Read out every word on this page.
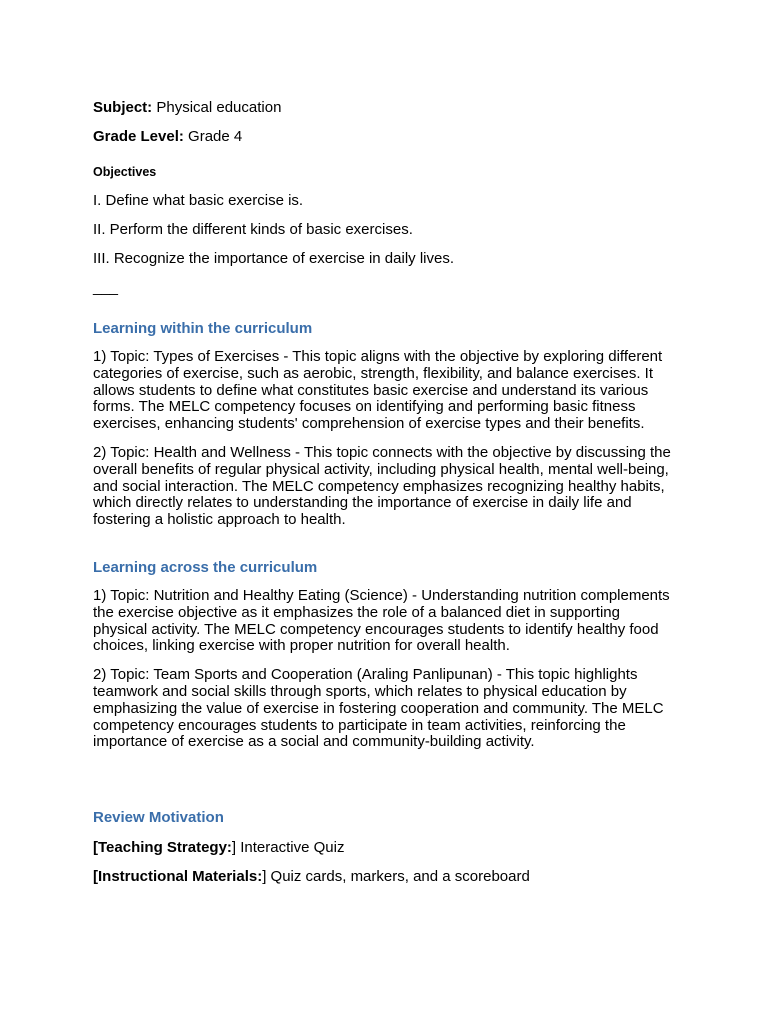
Subject: Physical education

Grade Level: Grade 4

Objectives

I. Define what basic exercise is.

II. Perform the different kinds of basic exercises.

III. Recognize the importance of exercise in daily lives.

___

Learning within the curriculum

1) Topic: Types of Exercises - This topic aligns with the objective by exploring different categories of exercise, such as aerobic, strength, flexibility, and balance exercises. It allows students to define what constitutes basic exercise and understand its various forms. The MELC competency focuses on identifying and performing basic fitness exercises, enhancing students' comprehension of exercise types and their benefits.

2) Topic: Health and Wellness - This topic connects with the objective by discussing the overall benefits of regular physical activity, including physical health, mental well-being, and social interaction. The MELC competency emphasizes recognizing healthy habits, which directly relates to understanding the importance of exercise in daily life and fostering a holistic approach to health.

Learning across the curriculum

1) Topic: Nutrition and Healthy Eating (Science) - Understanding nutrition complements the exercise objective as it emphasizes the role of a balanced diet in supporting physical activity. The MELC competency encourages students to identify healthy food choices, linking exercise with proper nutrition for overall health.

2) Topic: Team Sports and Cooperation (Araling Panlipunan) - This topic highlights teamwork and social skills through sports, which relates to physical education by emphasizing the value of exercise in fostering cooperation and community. The MELC competency encourages students to participate in team activities, reinforcing the importance of exercise as a social and community-building activity.

Review Motivation

[Teaching Strategy:] Interactive Quiz

[Instructional Materials:] Quiz cards, markers, and a scoreboard
